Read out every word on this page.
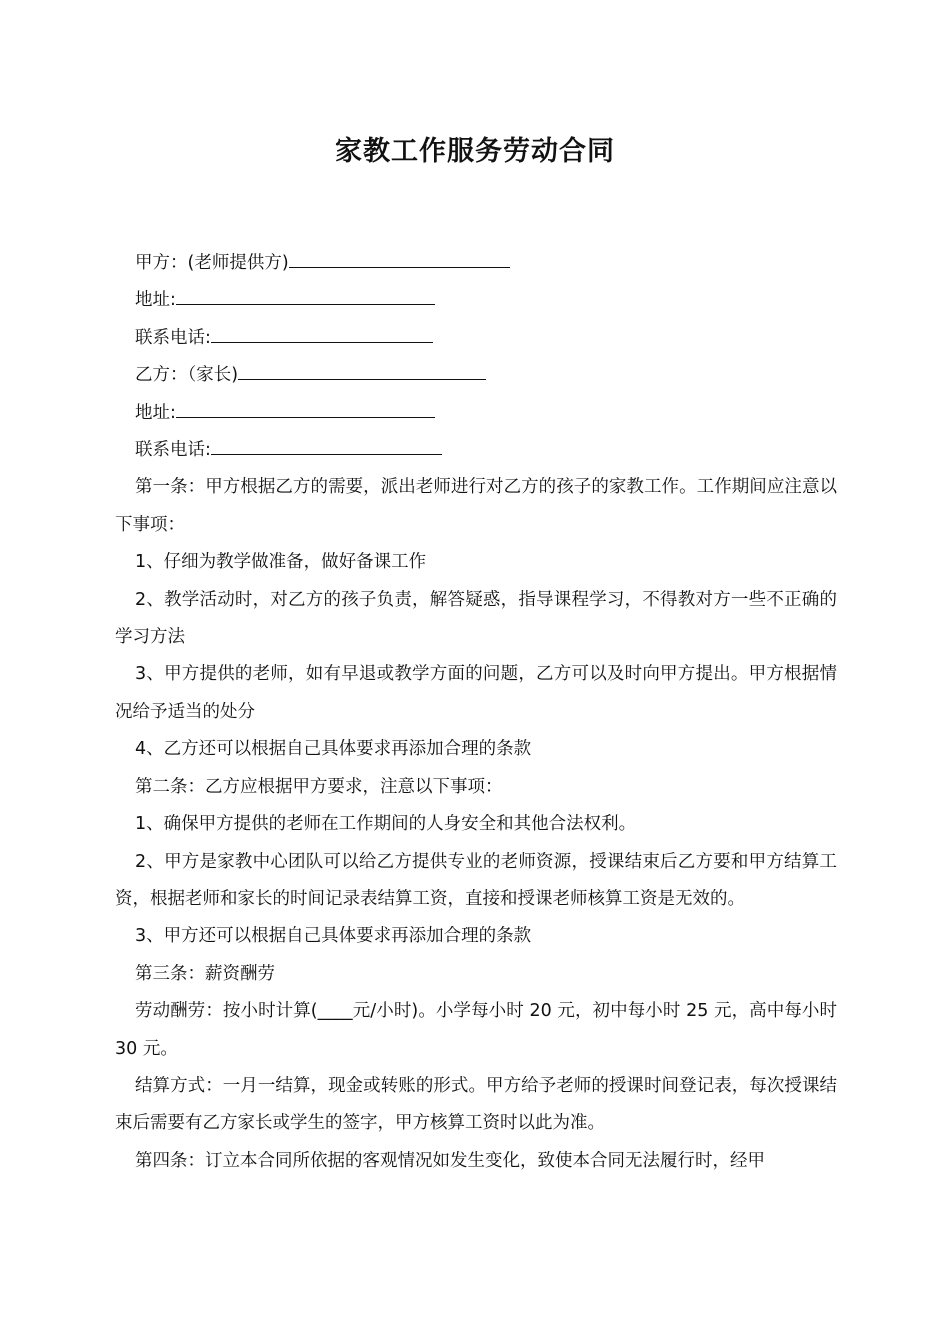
家教工作服务劳动合同

甲方：(老师提供方)

地址:

联系电话:

乙方：（家长)

地址:

联系电话:

第一条：甲方根据乙方的需要，派出老师进行对乙方的孩子的家教工作。工作期间应注意以下事项：

1、仔细为教学做准备，做好备课工作

2、教学活动时，对乙方的孩子负责，解答疑惑，指导课程学习，不得教对方一些不正确的学习方法

3、甲方提供的老师，如有早退或教学方面的问题，乙方可以及时向甲方提出。甲方根据情况给予适当的处分

4、乙方还可以根据自己具体要求再添加合理的条款

第二条：乙方应根据甲方要求，注意以下事项：

1、确保甲方提供的老师在工作期间的人身安全和其他合法权利。

2、甲方是家教中心团队可以给乙方提供专业的老师资源，授课结束后乙方要和甲方结算工资，根据老师和家长的时间记录表结算工资，直接和授课老师核算工资是无效的。

3、甲方还可以根据自己具体要求再添加合理的条款

第三条：薪资酬劳

劳动酬劳：按小时计算(____元/小时)。小学每小时 20 元，初中每小时 25 元，高中每小时 30 元。

结算方式：一月一结算，现金或转账的形式。甲方给予老师的授课时间登记表，每次授课结束后需要有乙方家长或学生的签字，甲方核算工资时以此为准。

第四条：订立本合同所依据的客观情况如发生变化，致使本合同无法履行时，经甲
